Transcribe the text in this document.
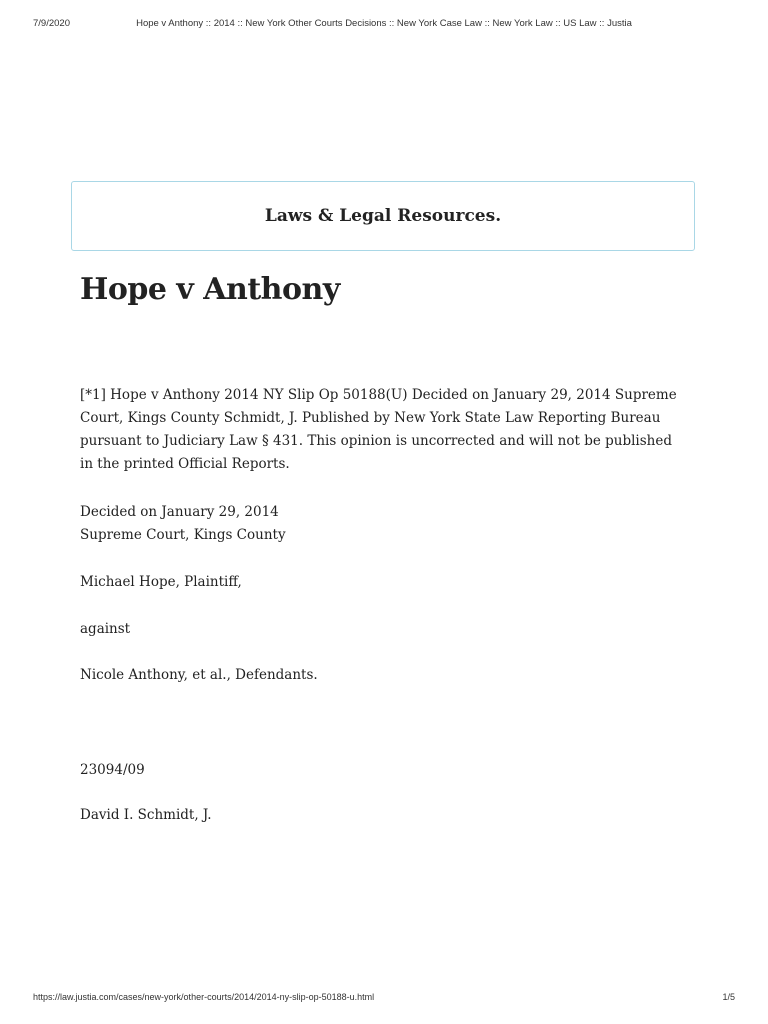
7/9/2020	Hope v Anthony :: 2014 :: New York Other Courts Decisions :: New York Case Law :: New York Law :: US Law :: Justia
Laws & Legal Resources.
Hope v Anthony

[*1] Hope v Anthony 2014 NY Slip Op 50188(U) Decided on January 29, 2014 Supreme Court, Kings County Schmidt, J. Published by New York State Law Reporting Bureau pursuant to Judiciary Law § 431. This opinion is uncorrected and will not be published in the printed Official Reports.

Decided on January 29, 2014

Supreme Court, Kings County

Michael Hope, Plaintiff,

against

Nicole Anthony, et al., Defendants.

23094/09

David I. Schmidt, J.

https://law.justia.com/cases/new-york/other-courts/2014/2014-ny-slip-op-50188-u.html	1/5
